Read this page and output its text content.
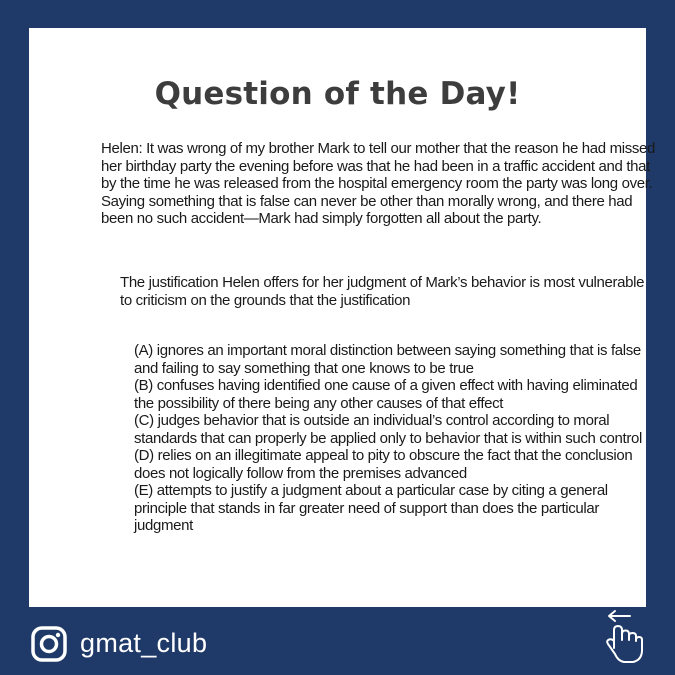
Question of the Day!
Helen: It was wrong of my brother Mark to tell our mother that the reason he had missed her birthday party the evening before was that he had been in a traffic accident and that by the time he was released from the hospital emergency room the party was long over. Saying something that is false can never be other than morally wrong, and there had been no such accident—Mark had simply forgotten all about the party.
The justification Helen offers for her judgment of Mark’s behavior is most vulnerable to criticism on the grounds that the justification

(A) ignores an important moral distinction between saying something that is false and failing to say something that one knows to be true

(B) confuses having identified one cause of a given effect with having eliminated the possibility of there being any other causes of that effect

(C) judges behavior that is outside an individual’s control according to moral standards that can properly be applied only to behavior that is within such control

(D) relies on an illegitimate appeal to pity to obscure the fact that the conclusion does not logically follow from the premises advanced

(E) attempts to justify a judgment about a particular case by citing a general principle that stands in far greater need of support than does the particular judgment

gmat_club
